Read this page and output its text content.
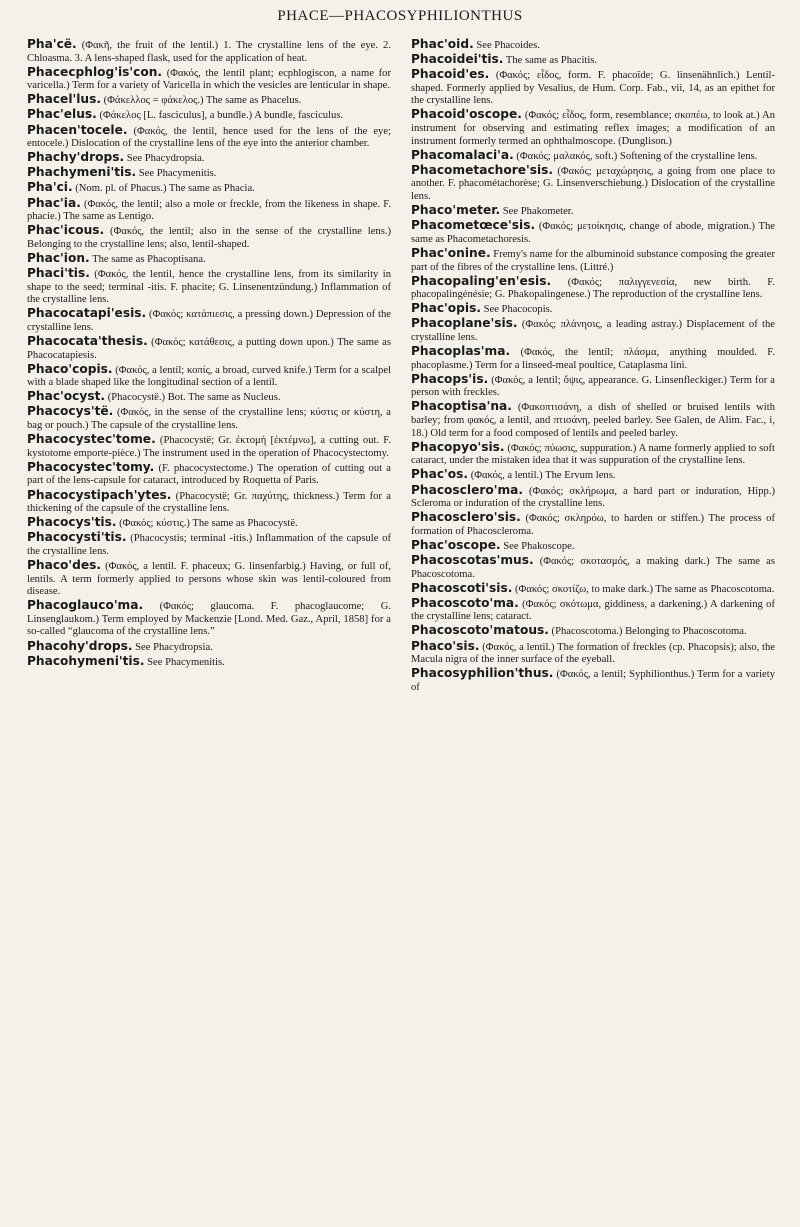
PHACE—PHACOSYPHILIONTHUS

Pha'cë. (Φακῆ, the fruit of the lentil.) 1. The crystalline lens of the eye. 2. Chloasma. 3. A lens-shaped flask, used for the application of heat.

Phacecphlog'is'con. (Φακός, the lentil plant; ecphlogiscon, a name for varicella.) Term for a variety of Varicella in which the vesicles are lenticular in shape.

Phacel'lus. (Φάκελλος = φάκελος.) The same as Phacelus.

Phac'elus. (Φάκελος [L. fasciculus], a bundle.) A bundle, fasciculus.

Phacen'tocele. (Φακός, the lentil, hence used for the lens of the eye; entocele.) Dislocation of the crystalline lens of the eye into the anterior chamber.

Phachy'drops. See Phacydropsia.

Phachymeni'tis. See Phacymenitis.

Pha'ci. (Nom. pl. of Phacus.) The same as Phacia.

Phac'ia. (Φακός, the lentil; also a mole or freckle, from the likeness in shape. F. phacie.) The same as Lentigo.

Phac'icous. (Φακός, the lentil; also in the sense of the crystalline lens.) Belonging to the crystalline lens; also, lentil-shaped.

Phac'ion. The same as Phacoptisana.

Phaci'tis. (Φακός, the lentil, hence the crystalline lens, from its similarity in shape to the seed; terminal -itis. F. phacite; G. Linsenentzündung.) Inflammation of the crystalline lens.

Phacocatapi'esis. (Φακός; κατάπιεσις, a pressing down.) Depression of the crystalline lens.

Phacocata'thesis. (Φακός; κατάθεσις, a putting down upon.) The same as Phacocatapiesis.

Phaco'copis. (Φακός, a lentil; κοπίς, a broad, curved knife.) Term for a scalpel with a blade shaped like the longitudinal section of a lentil.

Phac'ocyst. (Phacocystë.) Bot. The same as Nucleus.

Phacocys'të. (Φακός, in the sense of the crystalline lens; κύστις or κύστη, a bag or pouch.) The capsule of the crystalline lens.

Phacocystec'tome. (Phacocystë; Gr. ἐκτομή [ἐκτέμνω], a cutting out. F. kystotome emporte-pièce.) The instrument used in the operation of Phacocystectomy.

Phacocystec'tomy. (F. phacocystectome.) The operation of cutting out a part of the lens-capsule for cataract, introduced by Roquetta of Paris.

Phacocystipach'ytes. (Phacocystë; Gr. παχύτης, thickness.) Term for a thickening of the capsule of the crystalline lens.

Phacocys'tis. (Φακός; κύστις.) The same as Phacocystë.

Phacocysti'tis. (Phacocystis; terminal -itis.) Inflammation of the capsule of the crystalline lens.

Phaco'des. (Φακός, a lentil. F. phaceux; G. linsenfarbig.) Having, or full of, lentils. A term formerly applied to persons whose skin was lentil-coloured from disease.

Phacoglauco'ma. (Φακός; glaucoma. F. phacoglaucome; G. Linsenglaukom.) Term employed by Mackenzie [Lond. Med. Gaz., April, 1858] for a so-called “glaucoma of the crystalline lens.”

Phacohy'drops. See Phacydropsia.

Phacohymeni'tis. See Phacymenitis.

Phac'oid. See Phacoides.

Phacoidei'tis. The same as Phacitis.

Phacoid'es. (Φακός; εἶδος, form. F. phacoïde; G. linsenähnlich.) Lentil-shaped. Formerly applied by Vesalius, de Hum. Corp. Fab., vii, 14, as an epithet for the crystalline lens.

Phacoid'oscope. (Φακός; εἶδος, form, resemblance; σκοπέω, to look at.) An instrument for observing and estimating reflex images; a modification of an instrument formerly termed an ophthalmoscope. (Dunglison.)

Phacomalaci'a. (Φακός; μαλακός, soft.) Softening of the crystalline lens.

Phacometachore'sis. (Φακός; μεταχώρησις, a going from one place to another. F. phacométachorèse; G. Linsenverschiebung.) Dislocation of the crystalline lens.

Phaco'meter. See Phakometer.

Phacometœce'sis. (Φακός; μετοίκησις, change of abode, migration.) The same as Phacometachoresis.

Phac'onine. Fremy's name for the albuminoid substance composing the greater part of the fibres of the crystalline lens. (Littré.)

Phacopaling'en'esis. (Φακός; παλιγγενεσία, new birth. F. phacopalingénésie; G. Phakopalingenese.) The reproduction of the crystalline lens.

Phac'opis. See Phacocopis.

Phacoplane'sis. (Φακός; πλάνησις, a leading astray.) Displacement of the crystalline lens.

Phacoplas'ma. (Φακός, the lentil; πλάσμα, anything moulded. F. phacoplasme.) Term for a linseed-meal poultice, Cataplasma lini.

Phacops'is. (Φακός, a lentil; ὄψις, appearance. G. Linsenfleckiger.) Term for a person with freckles.

Phacoptisa'na. (Φακοπτισάνη, a dish of shelled or bruised lentils with barley; from φακός, a lentil, and πτισάνη, peeled barley. See Galen, de Alim. Fac., i, 18.) Old term for a food composed of lentils and peeled barley.

Phacopyo'sis. (Φακός; πύωσις, suppuration.) A name formerly applied to soft cataract, under the mistaken idea that it was suppuration of the crystalline lens.

Phac'os. (Φακός, a lentil.) The Ervum lens.

Phacosclero'ma. (Φακός; σκλήρωμα, a hard part or induration, Hipp.) Scleroma or induration of the crystalline lens.

Phacosclero'sis. (Φακός; σκληρόω, to harden or stiffen.) The process of formation of Phacoscleroma.

Phac'oscope. See Phakoscope.

Phacoscotas'mus. (Φακός; σκοτασμός, a making dark.) The same as Phacoscotoma.

Phacoscoti'sis. (Φακός; σκοτίζω, to make dark.) The same as Phacoscotoma.

Phacoscoto'ma. (Φακός; σκότωμα, giddiness, a darkening.) A darkening of the crystalline lens; cataract.

Phacoscoto'matous. (Phacoscotoma.) Belonging to Phacoscotoma.

Phaco'sis. (Φακός, a lentil.) The formation of freckles (cp. Phacopsis); also, the Macula nigra of the inner surface of the eyeball.

Phacosyphilion'thus. (Φακός, a lentil; Syphilionthus.) Term for a variety of
